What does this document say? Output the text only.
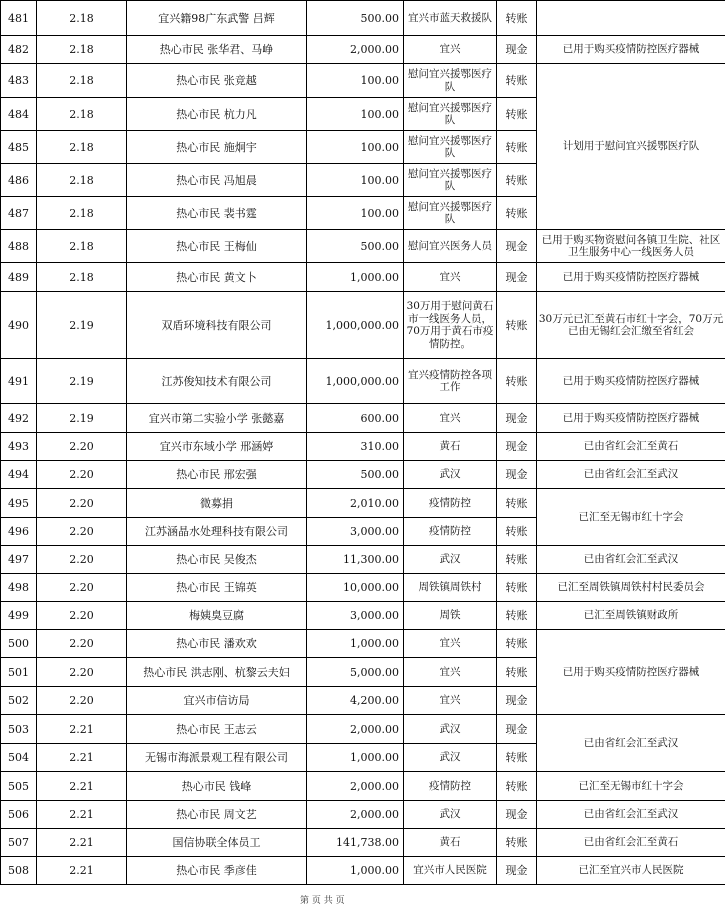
481	2.18	宜兴籍98广东武警 吕辉	500.00	宜兴市蓝天救援队	转账	
482	2.18	热心市民 张华君、马峥	2,000.00	宜兴	现金	已用于购买疫情防控医疗器械
483	2.18	热心市民 张竞越	100.00	慰问宜兴援鄂医疗队	转账	计划用于慰问宜兴援鄂医疗队
484	2.18	热心市民 杭力凡	100.00	慰问宜兴援鄂医疗队	转账	
485	2.18	热心市民 施炯宇	100.00	慰问宜兴援鄂医疗队	转账	
486	2.18	热心市民 冯旭晨	100.00	慰问宜兴援鄂医疗队	转账	
487	2.18	热心市民 裴书霆	100.00	慰问宜兴援鄂医疗队	转账	
488	2.18	热心市民 王梅仙	500.00	慰问宜兴医务人员	现金	已用于购买物资慰问各镇卫生院、社区卫生服务中心一线医务人员
489	2.18	热心市民 黄文卜	1,000.00	宜兴	现金	已用于购买疫情防控医疗器械
490	2.19	双盾环境科技有限公司	1,000,000.00	30万用于慰问黄石市一线医务人员，70万用于黄石市疫情防控。	转账	30万元已汇至黄石市红十字会，70万元已由无锡红会汇缴至省红会
491	2.19	江苏俊知技术有限公司	1,000,000.00	宜兴疫情防控各项工作	转账	已用于购买疫情防控医疗器械
492	2.19	宜兴市第二实验小学 张懿嘉	600.00	宜兴	现金	已用于购买疫情防控医疗器械
493	2.20	宜兴市东域小学 邢涵婷	310.00	黄石	现金	已由省红会汇至黄石
494	2.20	热心市民 邢宏强	500.00	武汉	现金	已由省红会汇至武汉
495	2.20	微募捐	2,010.00	疫情防控	转账	已汇至无锡市红十字会
496	2.20	江苏涵晶水处理科技有限公司	3,000.00	疫情防控	转账	
497	2.20	热心市民 吴俊杰	11,300.00	武汉	转账	已由省红会汇至武汉
498	2.20	热心市民 王锦英	10,000.00	周铁镇周铁村	转账	已汇至周铁镇周铁村村民委员会
499	2.20	梅姨臭豆腐	3,000.00	周铁	转账	已汇至周铁镇财政所
500	2.20	热心市民 潘欢欢	1,000.00	宜兴	转账	已用于购买疫情防控医疗器械
501	2.20	热心市民 洪志刚、杭黎云夫妇	5,000.00	宜兴	转账	
502	2.20	宜兴市信访局	4,200.00	宜兴	现金	
503	2.21	热心市民 王志云	2,000.00	武汉	现金	已由省红会汇至武汉
504	2.21	无锡市海派景观工程有限公司	1,000.00	武汉	转账	
505	2.21	热心市民 钱峰	2,000.00	疫情防控	转账	已汇至无锡市红十字会
506	2.21	热心市民 周文艺	2,000.00	武汉	现金	已由省红会汇至武汉
507	2.21	国信协联全体员工	141,738.00	黄石	转账	已由省红会汇至黄石
508	2.21	热心市民 季彦佳	1,000.00	宜兴市人民医院	现金	已汇至宜兴市人民医院
第 页 共 页
